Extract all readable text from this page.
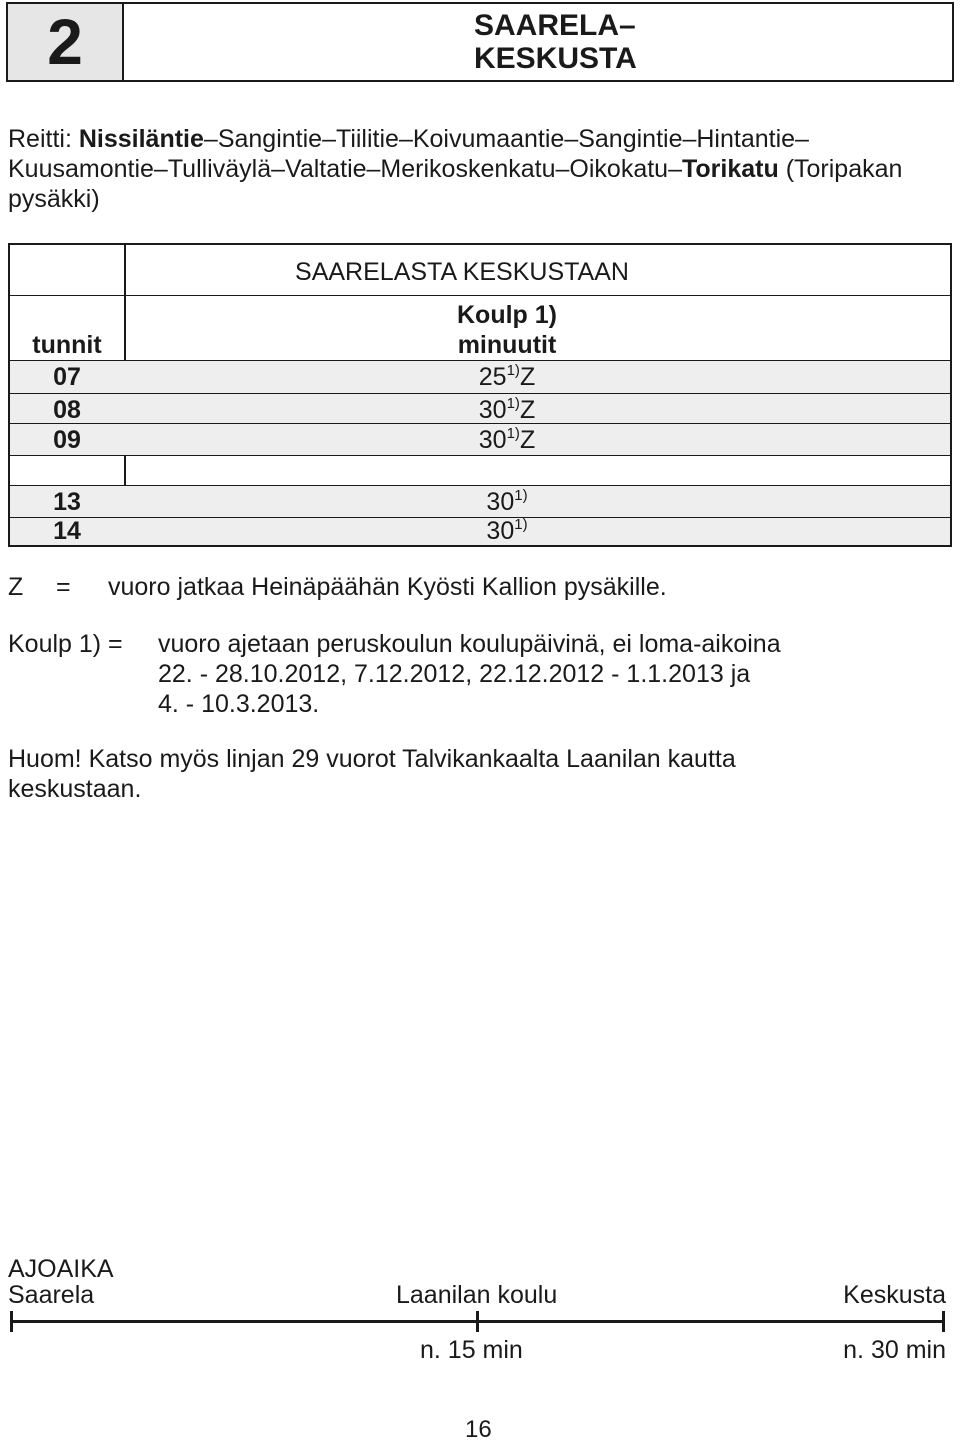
2	SAARELA–
KESKUSTA
Reitti: Nissiläntie–Sangintie–Tiilitie–Koivumaantie–Sangintie–Hintantie–Kuusamontie–Tulliväylä–Valtatie–Merikoskenkatu–Oikokatu–Torikatu (Toripakan pysäkki)
SAARELASTA KESKUSTAAN
Koulp 1)
tunnit	minuutit
07	25$^{1)}$Z
08	30$^{1)}$Z
09	30$^{1)}$Z
13	30$^{1)}$
14	30$^{1)}$
Z = vuoro jatkaa Heinäpäähän Kyösti Kallion pysäkille.
Koulp 1) = vuoro ajetaan peruskoulun koulupäivinä, ei loma-aikoina
22. - 28.10.2012, 7.12.2012, 22.12.2012 - 1.1.2013 ja
4. - 10.3.2013.
Huom! Katso myös linjan 29 vuorot Talvikankaalta Laanilan kautta
keskustaan.
AJOAIKA
Saarela	Laanilan koulu	Keskusta
n. 15 min	n. 30 min
16
